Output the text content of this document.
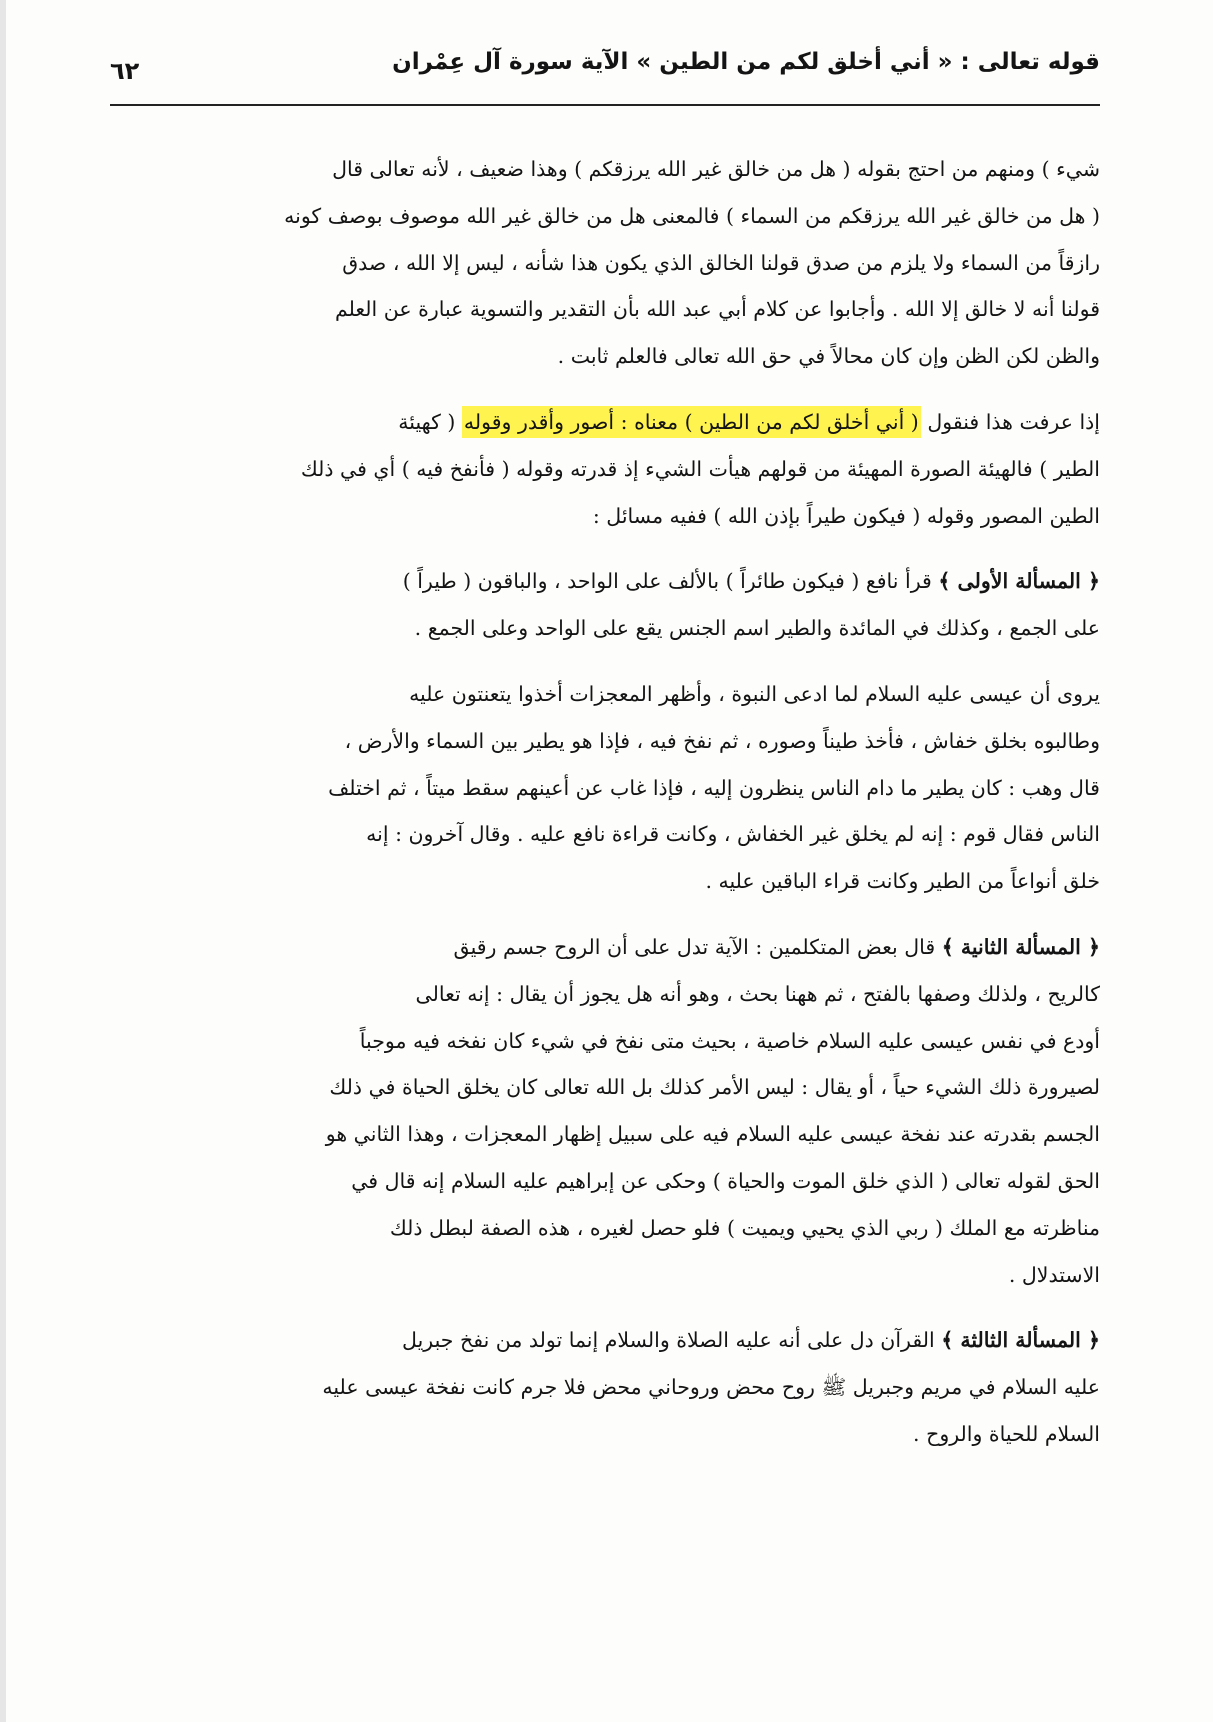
قوله تعالى : « أني أخلق لكم من الطين » الآية سورة آل عِمْران
٦٢

شيء ) ومنهم من احتج بقوله ( هل من خالق غير الله يرزقكم ) وهذا ضعيف ، لأنه تعالى قال
( هل من خالق غير الله يرزقكم من السماء ) فالمعنى هل من خالق غير الله موصوف بوصف كونه
رازقاً من السماء ولا يلزم من صدق قولنا الخالق الذي يكون هذا شأنه ، ليس إلا الله ، صدق
قولنا أنه لا خالق إلا الله . وأجابوا عن كلام أبي عبد الله بأن التقدير والتسوية عبارة عن العلم
والظن لكن الظن وإن كان محالاً في حق الله تعالى فالعلم ثابت .

إذا عرفت هذا فنقول ( أني أخلق لكم من الطين ) معناه : أصور وأقدر وقوله ( كهيئة
الطير ) فالهيئة الصورة المهيئة من قولهم هيأت الشيء إذ قدرته وقوله ( فأنفخ فيه ) أي في ذلك
الطين المصور وقوله ( فيكون طيراً بإذن الله ) ففيه مسائل :

﴿ المسألة الأولى ﴾ قرأ نافع ( فيكون طائراً ) بالألف على الواحد ، والباقون ( طيراً )
على الجمع ، وكذلك في المائدة والطير اسم الجنس يقع على الواحد وعلى الجمع .

يروى أن عيسى عليه السلام لما ادعى النبوة ، وأظهر المعجزات أخذوا يتعنتون عليه
وطالبوه بخلق خفاش ، فأخذ طيناً وصوره ، ثم نفخ فيه ، فإذا هو يطير بين السماء والأرض ،
قال وهب : كان يطير ما دام الناس ينظرون إليه ، فإذا غاب عن أعينهم سقط ميتاً ، ثم اختلف
الناس فقال قوم : إنه لم يخلق غير الخفاش ، وكانت قراءة نافع عليه . وقال آخرون : إنه
خلق أنواعاً من الطير وكانت قراء الباقين عليه .

﴿ المسألة الثانية ﴾ قال بعض المتكلمين : الآية تدل على أن الروح جسم رقيق
كالريح ، ولذلك وصفها بالفتح ، ثم ههنا بحث ، وهو أنه هل يجوز أن يقال : إنه تعالى
أودع في نفس عيسى عليه السلام خاصية ، بحيث متى نفخ في شيء كان نفخه فيه موجباً
لصيرورة ذلك الشيء حياً ، أو يقال : ليس الأمر كذلك بل الله تعالى كان يخلق الحياة في ذلك
الجسم بقدرته عند نفخة عيسى عليه السلام فيه على سبيل إظهار المعجزات ، وهذا الثاني هو
الحق لقوله تعالى ( الذي خلق الموت والحياة ) وحكى عن إبراهيم عليه السلام إنه قال في
مناظرته مع الملك ( ربي الذي يحيي ويميت ) فلو حصل لغيره ، هذه الصفة لبطل ذلك
الاستدلال .

﴿ المسألة الثالثة ﴾ القرآن دل على أنه عليه الصلاة والسلام إنما تولد من نفخ جبريل
عليه السلام في مريم وجبريل ﷺ روح محض وروحاني محض فلا جرم كانت نفخة عيسى عليه
السلام للحياة والروح .
